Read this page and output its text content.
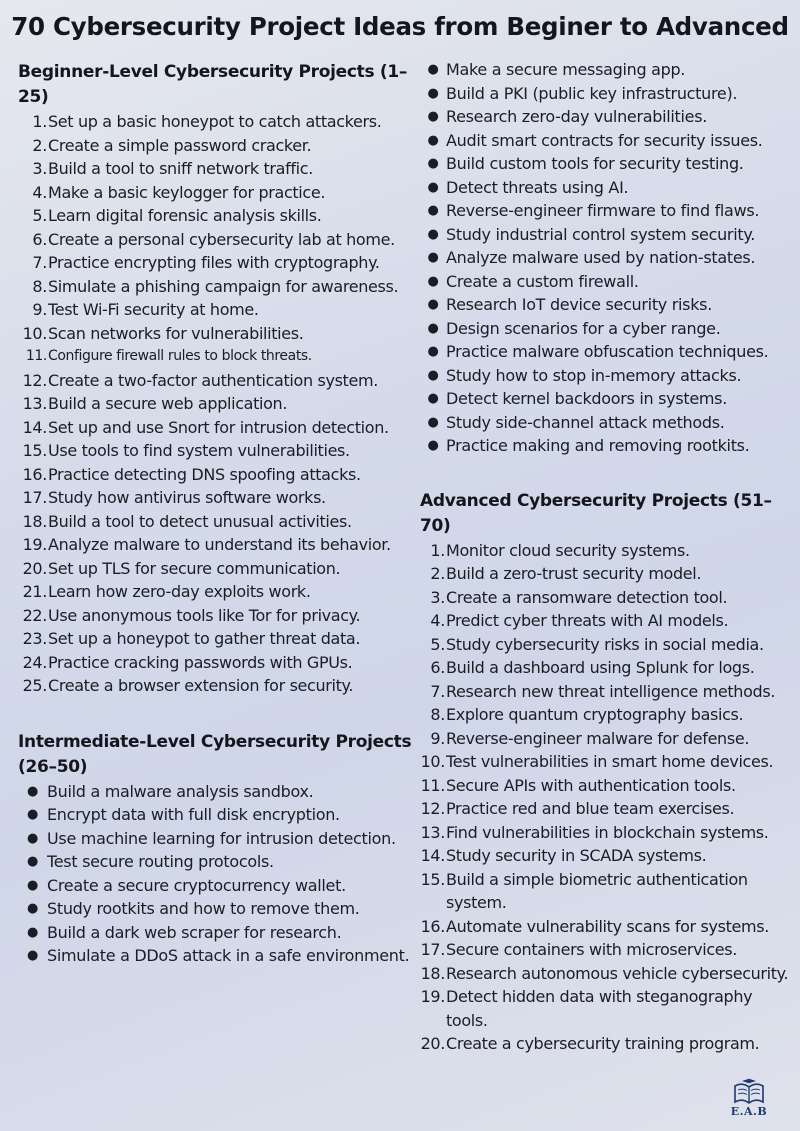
70 Cybersecurity Project Ideas from Beginer to Advanced
Beginner-Level Cybersecurity Projects (1–25)
1. Set up a basic honeypot to catch attackers.
2. Create a simple password cracker.
3. Build a tool to sniff network traffic.
4. Make a basic keylogger for practice.
5. Learn digital forensic analysis skills.
6. Create a personal cybersecurity lab at home.
7. Practice encrypting files with cryptography.
8. Simulate a phishing campaign for awareness.
9. Test Wi-Fi security at home.
10. Scan networks for vulnerabilities.
11. Configure firewall rules to block threats.
12. Create a two-factor authentication system.
13. Build a secure web application.
14. Set up and use Snort for intrusion detection.
15. Use tools to find system vulnerabilities.
16. Practice detecting DNS spoofing attacks.
17. Study how antivirus software works.
18. Build a tool to detect unusual activities.
19. Analyze malware to understand its behavior.
20. Set up TLS for secure communication.
21. Learn how zero-day exploits work.
22. Use anonymous tools like Tor for privacy.
23. Set up a honeypot to gather threat data.
24. Practice cracking passwords with GPUs.
25. Create a browser extension for security.
Intermediate-Level Cybersecurity Projects (26–50)
● Build a malware analysis sandbox.
● Encrypt data with full disk encryption.
● Use machine learning for intrusion detection.
● Test secure routing protocols.
● Create a secure cryptocurrency wallet.
● Study rootkits and how to remove them.
● Build a dark web scraper for research.
● Simulate a DDoS attack in a safe environment.
● Make a secure messaging app.
● Build a PKI (public key infrastructure).
● Research zero-day vulnerabilities.
● Audit smart contracts for security issues.
● Build custom tools for security testing.
● Detect threats using AI.
● Reverse-engineer firmware to find flaws.
● Study industrial control system security.
● Analyze malware used by nation-states.
● Create a custom firewall.
● Research IoT device security risks.
● Design scenarios for a cyber range.
● Practice malware obfuscation techniques.
● Study how to stop in-memory attacks.
● Detect kernel backdoors in systems.
● Study side-channel attack methods.
● Practice making and removing rootkits.
Advanced Cybersecurity Projects (51–70)
1. Monitor cloud security systems.
2. Build a zero-trust security model.
3. Create a ransomware detection tool.
4. Predict cyber threats with AI models.
5. Study cybersecurity risks in social media.
6. Build a dashboard using Splunk for logs.
7. Research new threat intelligence methods.
8. Explore quantum cryptography basics.
9. Reverse-engineer malware for defense.
10. Test vulnerabilities in smart home devices.
11. Secure APIs with authentication tools.
12. Practice red and blue team exercises.
13. Find vulnerabilities in blockchain systems.
14. Study security in SCADA systems.
15. Build a simple biometric authentication system.
16. Automate vulnerability scans for systems.
17. Secure containers with microservices.
18. Research autonomous vehicle cybersecurity.
19. Detect hidden data with steganography tools.
20. Create a cybersecurity training program.
E.A.B
